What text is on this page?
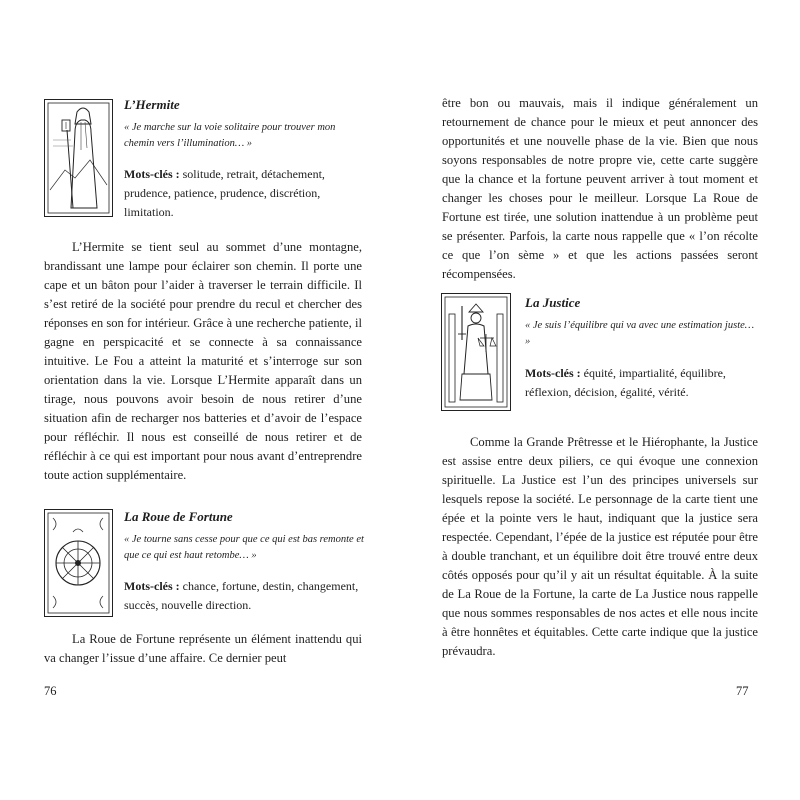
L’Hermite
« Je marche sur la voie solitaire pour trouver mon chemin vers l’illumination… »
Mots-clés : solitude, retrait, détachement, prudence, patience, prudence, discrétion, limitation.
L’Hermite se tient seul au sommet d’une montagne, brandissant une lampe pour éclairer son chemin. Il porte une cape et un bâton pour l’aider à traverser le terrain difficile. Il s’est retiré de la société pour prendre du recul et chercher des réponses en son for intérieur. Grâce à une recherche patiente, il gagne en perspicacité et se connecte à sa connaissance intuitive. Le Fou a atteint la maturité et s’interroge sur son orientation dans la vie. Lorsque L’Hermite apparaît dans un tirage, nous pouvons avoir besoin de nous retirer d’une situation afin de recharger nos batteries et d’avoir de l’espace pour réfléchir. Il nous est conseillé de nous retirer et de réfléchir à ce qui est important pour nous avant d’entreprendre toute action supplémentaire.
La Roue de Fortune
« Je tourne sans cesse pour que ce qui est bas remonte et que ce qui est haut retombe… »
Mots-clés : chance, fortune, destin, changement, succès, nouvelle direction.
La Roue de Fortune représente un élément inattendu qui va changer l’issue d’une affaire. Ce dernier peut
76
être bon ou mauvais, mais il indique généralement un retournement de chance pour le mieux et peut annoncer des opportunités et une nouvelle phase de la vie. Bien que nous soyons responsables de notre propre vie, cette carte suggère que la chance et la fortune peuvent arriver à tout moment et changer les choses pour le meilleur. Lorsque La Roue de Fortune est tirée, une solution inattendue à un problème peut se présenter. Parfois, la carte nous rappelle que « l’on récolte ce que l’on sème » et que les actions passées seront récompensées.
La Justice
« Je suis l’équilibre qui va avec une estimation juste… »
Mots-clés : équité, impartialité, équilibre, réflexion, décision, égalité, vérité.
Comme la Grande Prêtresse et le Hiérophante, la Justice est assise entre deux piliers, ce qui évoque une connexion spirituelle. La Justice est l’un des principes universels sur lesquels repose la société. Le personnage de la carte tient une épée et la pointe vers le haut, indiquant que la justice sera respectée. Cependant, l’épée de la justice est réputée pour être à double tranchant, et un équilibre doit être trouvé entre deux côtés opposés pour qu’il y ait un résultat équitable. À la suite de La Roue de la Fortune, la carte de La Justice nous rappelle que nous sommes responsables de nos actes et elle nous incite à être honnêtes et équitables. Cette carte indique que la justice prévaudra.
77
